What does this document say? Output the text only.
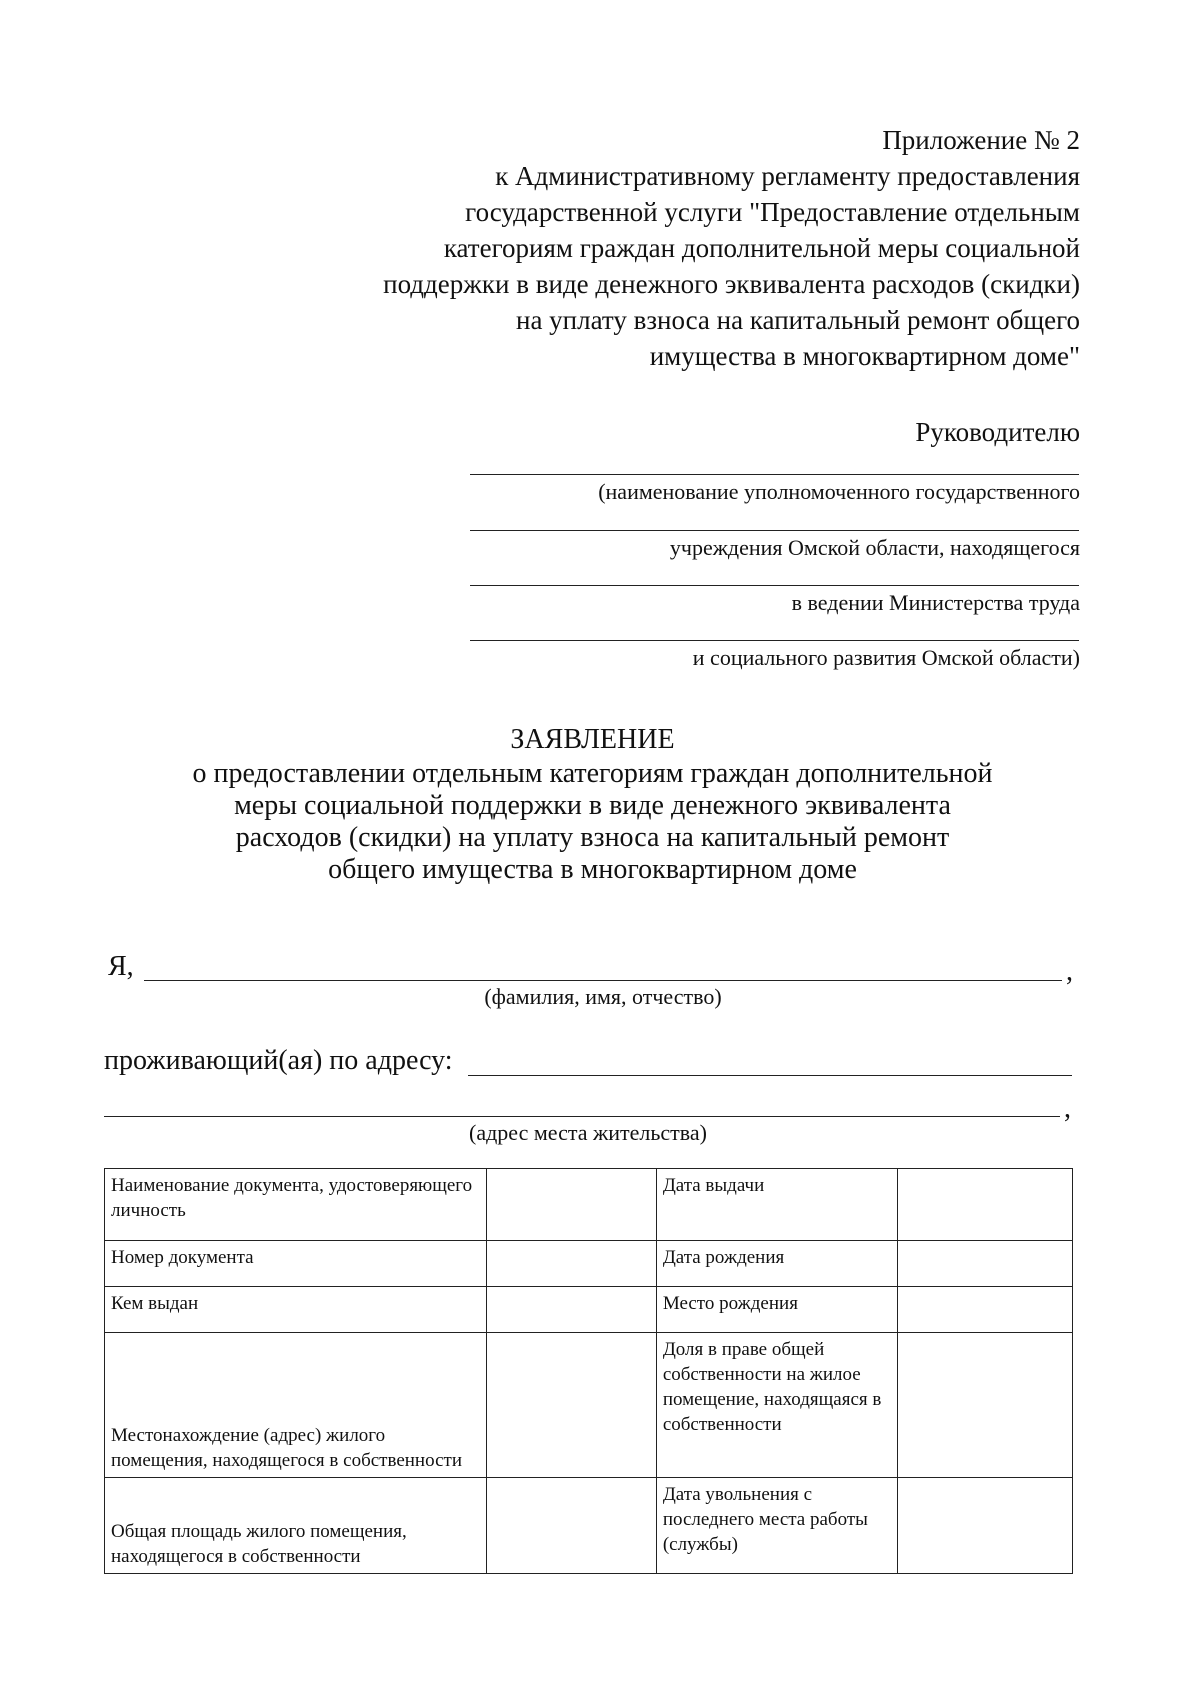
Приложение № 2
к Административному регламенту предоставления
государственной услуги "Предоставление отдельным
категориям граждан дополнительной меры социальной
поддержки в виде денежного эквивалента расходов (скидки)
на уплату взноса на капитальный ремонт общего
имущества в многоквартирном доме"
Руководителю
(наименование уполномоченного государственного
учреждения Омской области, находящегося
в ведении Министерства труда
и социального развития Омской области)
ЗАЯВЛЕНИЕ
о предоставлении отдельным категориям граждан дополнительной
меры социальной поддержки в виде денежного эквивалента
расходов (скидки) на уплату взноса на капитальный ремонт
общего имущества в многоквартирном доме
Я,	,
(фамилия, имя, отчество)
проживающий(ая) по адресу:
,
(адрес места жительства)
Наименование документа, удостоверяющего личность		Дата выдачи	
Номер документа		Дата рождения	
Кем выдан		Место рождения	
Местонахождение (адрес) жилого помещения, находящегося в собственности		Доля в праве общей собственности на жилое помещение, находящаяся в собственности	
Общая площадь жилого помещения, находящегося в собственности		Дата увольнения с последнего места работы (службы)	
